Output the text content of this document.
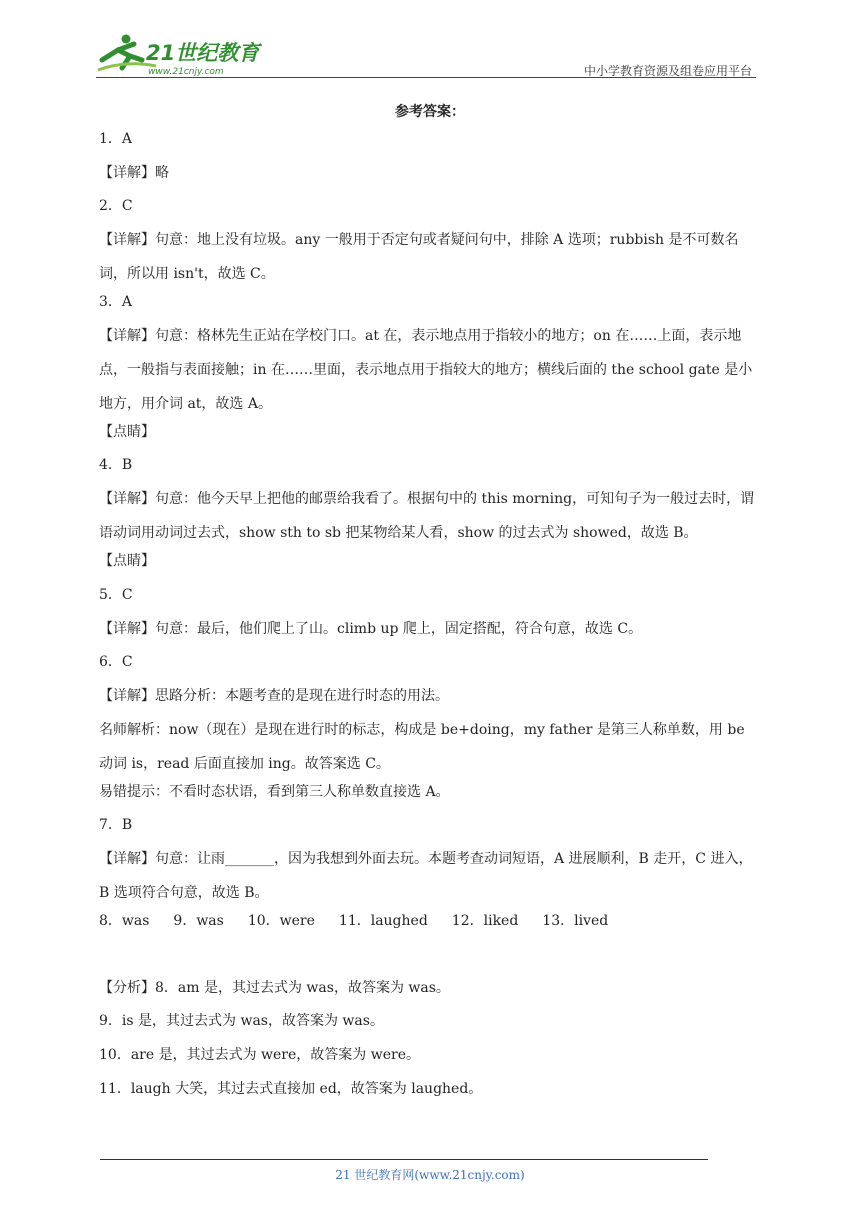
21世纪教育
www.21cnjy.com	中小学教育资源及组卷应用平台
参考答案：
1．A
【详解】略
2．C
【详解】句意：地上没有垃圾。any 一般用于否定句或者疑问句中，排除 A 选项；rubbish 是不可数名词，所以用 isn't，故选 C。
3．A
【详解】句意：格林先生正站在学校门口。at 在，表示地点用于指较小的地方；on 在……上面，表示地点，一般指与表面接触；in 在……里面，表示地点用于指较大的地方；横线后面的 the school gate 是小地方，用介词 at，故选 A。
【点睛】
4．B
【详解】句意：他今天早上把他的邮票给我看了。根据句中的 this morning，可知句子为一般过去时，谓语动词用动词过去式，show sth to sb 把某物给某人看，show 的过去式为 showed，故选 B。
【点睛】
5．C
【详解】句意：最后，他们爬上了山。climb up 爬上，固定搭配，符合句意，故选 C。
6．C
【详解】思路分析：本题考查的是现在进行时态的用法。
名师解析：now（现在）是现在进行时的标志，构成是 be+doing，my father 是第三人称单数，用 be 动词 is，read 后面直接加 ing。故答案选 C。
易错提示：不看时态状语，看到第三人称单数直接选 A。
7．B
【详解】句意：让雨_______，因为我想到外面去玩。本题考查动词短语，A 进展顺利，B 走开，C 进入，B 选项符合句意，故选 B。
8．was 9．was 10．were 11．laughed 12．liked 13．lived
【分析】8．am 是，其过去式为 was，故答案为 was。
9．is 是，其过去式为 was，故答案为 was。
10．are 是，其过去式为 were，故答案为 were。
11．laugh 大笑，其过去式直接加 ed，故答案为 laughed。
21 世纪教育网(www.21cnjy.com)
